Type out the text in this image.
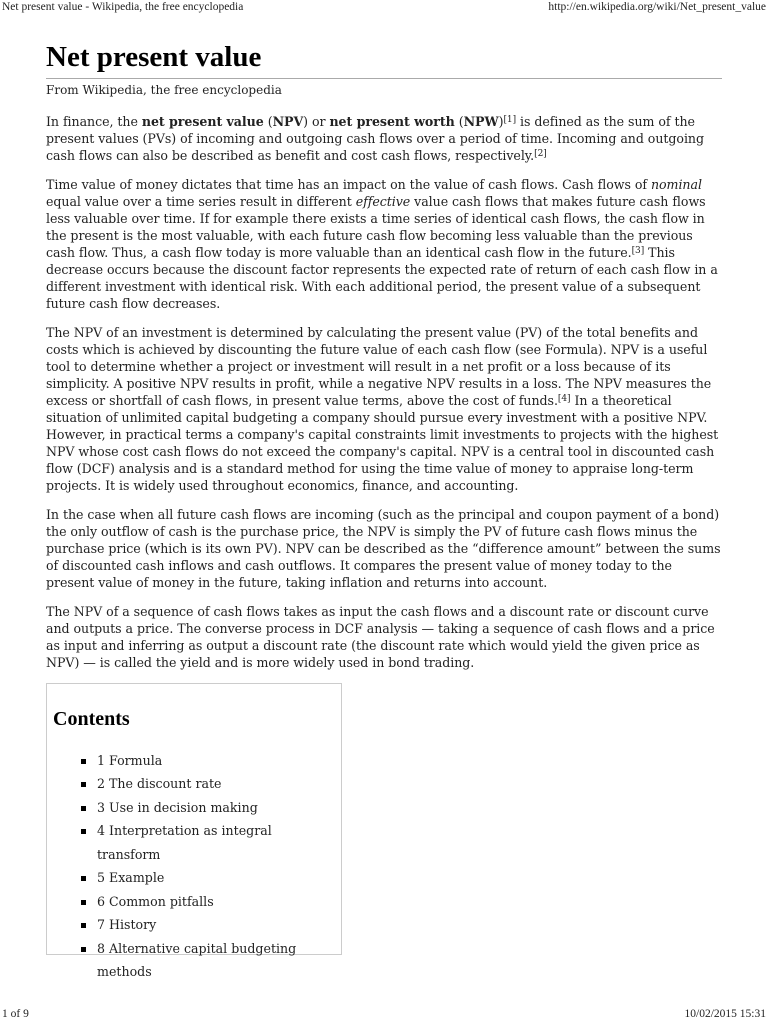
Net present value - Wikipedia, the free encyclopedia	http://en.wikipedia.org/wiki/Net_present_value
Net present value
From Wikipedia, the free encyclopedia

In finance, the net present value (NPV) or net present worth (NPW)[1] is defined as the sum of the present values (PVs) of incoming and outgoing cash flows over a period of time. Incoming and outgoing cash flows can also be described as benefit and cost cash flows, respectively.[2]

Time value of money dictates that time has an impact on the value of cash flows. Cash flows of nominal equal value over a time series result in different effective value cash flows that makes future cash flows less valuable over time. If for example there exists a time series of identical cash flows, the cash flow in the present is the most valuable, with each future cash flow becoming less valuable than the previous cash flow. Thus, a cash flow today is more valuable than an identical cash flow in the future.[3] This decrease occurs because the discount factor represents the expected rate of return of each cash flow in a different investment with identical risk. With each additional period, the present value of a subsequent future cash flow decreases.

The NPV of an investment is determined by calculating the present value (PV) of the total benefits and costs which is achieved by discounting the future value of each cash flow (see Formula). NPV is a useful tool to determine whether a project or investment will result in a net profit or a loss because of its simplicity. A positive NPV results in profit, while a negative NPV results in a loss. The NPV measures the excess or shortfall of cash flows, in present value terms, above the cost of funds.[4] In a theoretical situation of unlimited capital budgeting a company should pursue every investment with a positive NPV. However, in practical terms a company's capital constraints limit investments to projects with the highest NPV whose cost cash flows do not exceed the company's capital. NPV is a central tool in discounted cash flow (DCF) analysis and is a standard method for using the time value of money to appraise long-term projects. It is widely used throughout economics, finance, and accounting.

In the case when all future cash flows are incoming (such as the principal and coupon payment of a bond) the only outflow of cash is the purchase price, the NPV is simply the PV of future cash flows minus the purchase price (which is its own PV). NPV can be described as the “difference amount” between the sums of discounted cash inflows and cash outflows. It compares the present value of money today to the present value of money in the future, taking inflation and returns into account.

The NPV of a sequence of cash flows takes as input the cash flows and a discount rate or discount curve and outputs a price. The converse process in DCF analysis — taking a sequence of cash flows and a price as input and inferring as output a discount rate (the discount rate which would yield the given price as NPV) — is called the yield and is more widely used in bond trading.

Contents
1 Formula
2 The discount rate
3 Use in decision making
4 Interpretation as integral transform
5 Example
6 Common pitfalls
7 History
8 Alternative capital budgeting methods
1 of 9	10/02/2015 15:31
